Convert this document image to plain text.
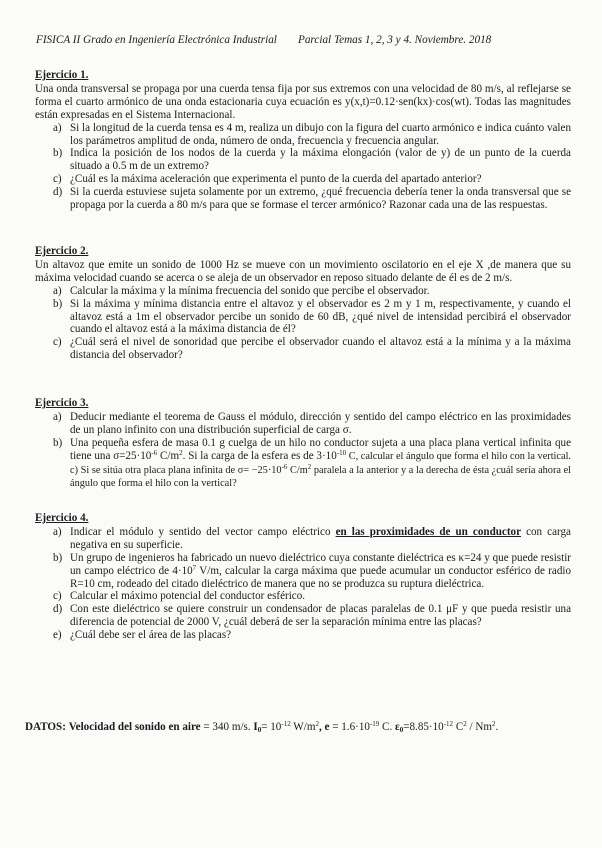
FISICA II Grado en Ingeniería Electrónica Industrial Parcial Temas 1, 2, 3 y 4. Noviembre. 2018
Ejercicio 1.
Una onda transversal se propaga por una cuerda tensa fija por sus extremos con una velocidad de 80 m/s, al reflejarse se forma el cuarto armónico de una onda estacionaria cuya ecuación es y(x,t)=0.12·sen(kx)·cos(wt). Todas las magnitudes están expresadas en el Sistema Internacional.
a) Si la longitud de la cuerda tensa es 4 m, realiza un dibujo con la figura del cuarto armónico e indica cuánto valen los parámetros amplitud de onda, número de onda, frecuencia y frecuencia angular.
b) Indica la posición de los nodos de la cuerda y la máxima elongación (valor de y) de un punto de la cuerda situado a 0.5 m de un extremo?
c) ¿Cuál es la máxima aceleración que experimenta el punto de la cuerda del apartado anterior?
d) Si la cuerda estuviese sujeta solamente por un extremo, ¿qué frecuencia debería tener la onda transversal que se propaga por la cuerda a 80 m/s para que se formase el tercer armónico? Razonar cada una de las respuestas.
Ejercicio 2.
Un altavoz que emite un sonido de 1000 Hz se mueve con un movimiento oscilatorio en el eje X ,de manera que su máxima velocidad cuando se acerca o se aleja de un observador en reposo situado delante de él es de 2 m/s.
a) Calcular la máxima y la mínima frecuencia del sonido que percibe el observador.
b) Si la máxima y mínima distancia entre el altavoz y el observador es 2 m y 1 m, respectivamente, y cuando el altavoz está a 1m el observador percibe un sonido de 60 dB, ¿qué nivel de intensidad percibirá el observador cuando el altavoz está a la máxima distancia de él?
c) ¿Cuál será el nivel de sonoridad que percibe el observador cuando el altavoz está a la mínima y a la máxima distancia del observador?
Ejercicio 3.
a) Deducir mediante el teorema de Gauss el módulo, dirección y sentido del campo eléctrico en las proximidades de un plano infinito con una distribución superficial de carga σ.
b) Una pequeña esfera de masa 0.1 g cuelga de un hilo no conductor sujeta a una placa plana vertical infinita que tiene una $\sigma=25\cdot 10^{-6}$ $C/m^2$. Si la carga de la esfera es de $3\cdot 10^{-10}$ C, calcular el ángulo que forma el hilo con la vertical. c) Si se sitúa otra placa plana infinita de $\sigma= -25\cdot 10^{-6}$ $C/m^2$ paralela a la anterior y a la derecha de ésta ¿cuál sería ahora el ángulo que forma el hilo con la vertical?
Ejercicio 4.
a) Indicar el módulo y sentido del vector campo eléctrico en las proximidades de un conductor con carga negativa en su superficie.
b) Un grupo de ingenieros ha fabricado un nuevo dieléctrico cuya constante dieléctrica es κ=24 y que puede resistir un campo eléctrico de $4\cdot 10^7$ V/m, calcular la carga máxima que puede acumular un conductor esférico de radio R=10 cm, rodeado del citado dieléctrico de manera que no se produzca su ruptura dieléctrica.
c) Calcular el máximo potencial del conductor esférico.
d) Con este dieléctrico se quiere construir un condensador de placas paralelas de 0.1 μF y que pueda resistir una diferencia de potencial de 2000 V, ¿cuál deberá de ser la separación mínima entre las placas?
e) ¿Cuál debe ser el área de las placas?
DATOS: Velocidad del sonido en aire = 340 m/s. $I_0= 10^{-12}$ $W/m^2$, $e = 1.6\cdot 10^{-19}$ C. $\varepsilon_0=8.85\cdot 10^{-12}$ $C^2 / Nm^2$.
